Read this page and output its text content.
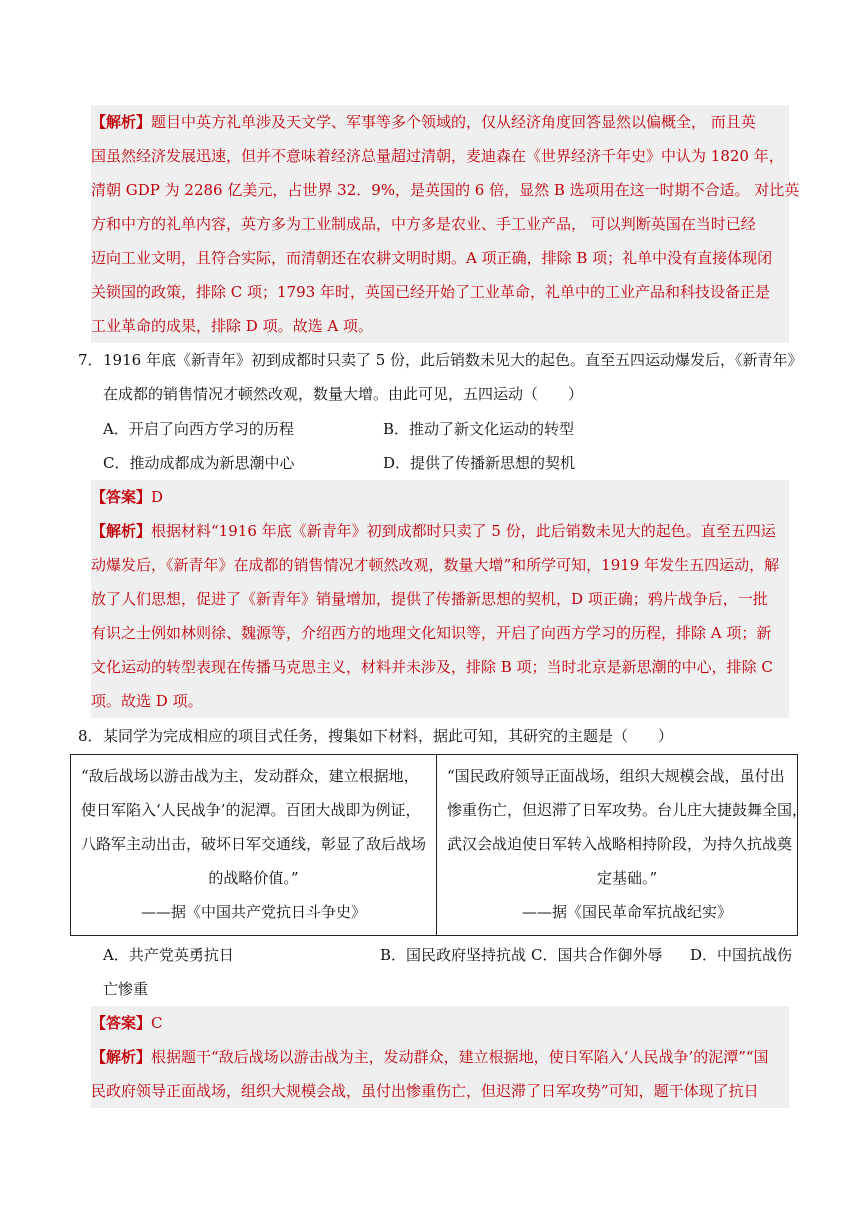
【解析】题目中英方礼单涉及天文学、军事等多个领域的，仅从经济角度回答显然以偏概全， 而且英
国虽然经济发展迅速，但并不意味着经济总量超过清朝，麦迪森在《世界经济千年史》中认为 1820 年，
清朝 GDP 为 2286 亿美元，占世界 32．9%，是英国的 6 倍，显然 B 选项用在这一时期不合适。 对比英
方和中方的礼单内容，英方多为工业制成品，中方多是农业、手工业产品， 可以判断英国在当时已经
迈向工业文明，且符合实际，而清朝还在农耕文明时期。A 项正确，排除 B 项；礼单中没有直接体现闭
关锁国的政策，排除 C 项；1793 年时，英国已经开始了工业革命，礼单中的工业产品和科技设备正是
工业革命的成果，排除 D 项。故选 A 项。
7． 1916 年底《新青年》初到成都时只卖了 5 份，此后销数未见大的起色。直至五四运动爆发后，《新青年》
在成都的销售情况才顿然改观，数量大增。由此可见，五四运动（　　）
A．开启了向西方学习的历程	B．推动了新文化运动的转型
C．推动成都成为新思潮中心	D．提供了传播新思想的契机
【答案】D
【解析】根据材料“1916 年底《新青年》初到成都时只卖了 5 份，此后销数未见大的起色。直至五四运
动爆发后，《新青年》在成都的销售情况才顿然改观，数量大增”和所学可知，1919 年发生五四运动，解
放了人们思想，促进了《新青年》销量增加，提供了传播新思想的契机，D 项正确；鸦片战争后，一批
有识之士例如林则徐、魏源等，介绍西方的地理文化知识等，开启了向西方学习的历程，排除 A 项；新
文化运动的转型表现在传播马克思主义，材料并未涉及，排除 B 项；当时北京是新思潮的中心，排除 C
项。故选 D 项。
8． 某同学为完成相应的项目式任务，搜集如下材料，据此可知，其研究的主题是（　　）
“敌后战场以游击战为主，发动群众，建立根据地，
使日军陷入‘人民战争’的泥潭。百团大战即为例证，
八路军主动出击，破坏日军交通线，彰显了敌后战场
的战略价值。”
——据《中国共产党抗日斗争史》
“国民政府领导正面战场，组织大规模会战，虽付出
惨重伤亡，但迟滞了日军攻势。台儿庄大捷鼓舞全国，
武汉会战迫使日军转入战略相持阶段，为持久抗战奠
定基础。”
——据《国民革命军抗战纪实》
A．共产党英勇抗日	B．国民政府坚持抗战 C．国共合作御外辱 D．中国抗战伤
亡惨重
【答案】C
【解析】根据题干“敌后战场以游击战为主，发动群众，建立根据地，使日军陷入‘人民战争’的泥潭”“国
民政府领导正面战场，组织大规模会战，虽付出惨重伤亡，但迟滞了日军攻势”可知，题干体现了抗日
